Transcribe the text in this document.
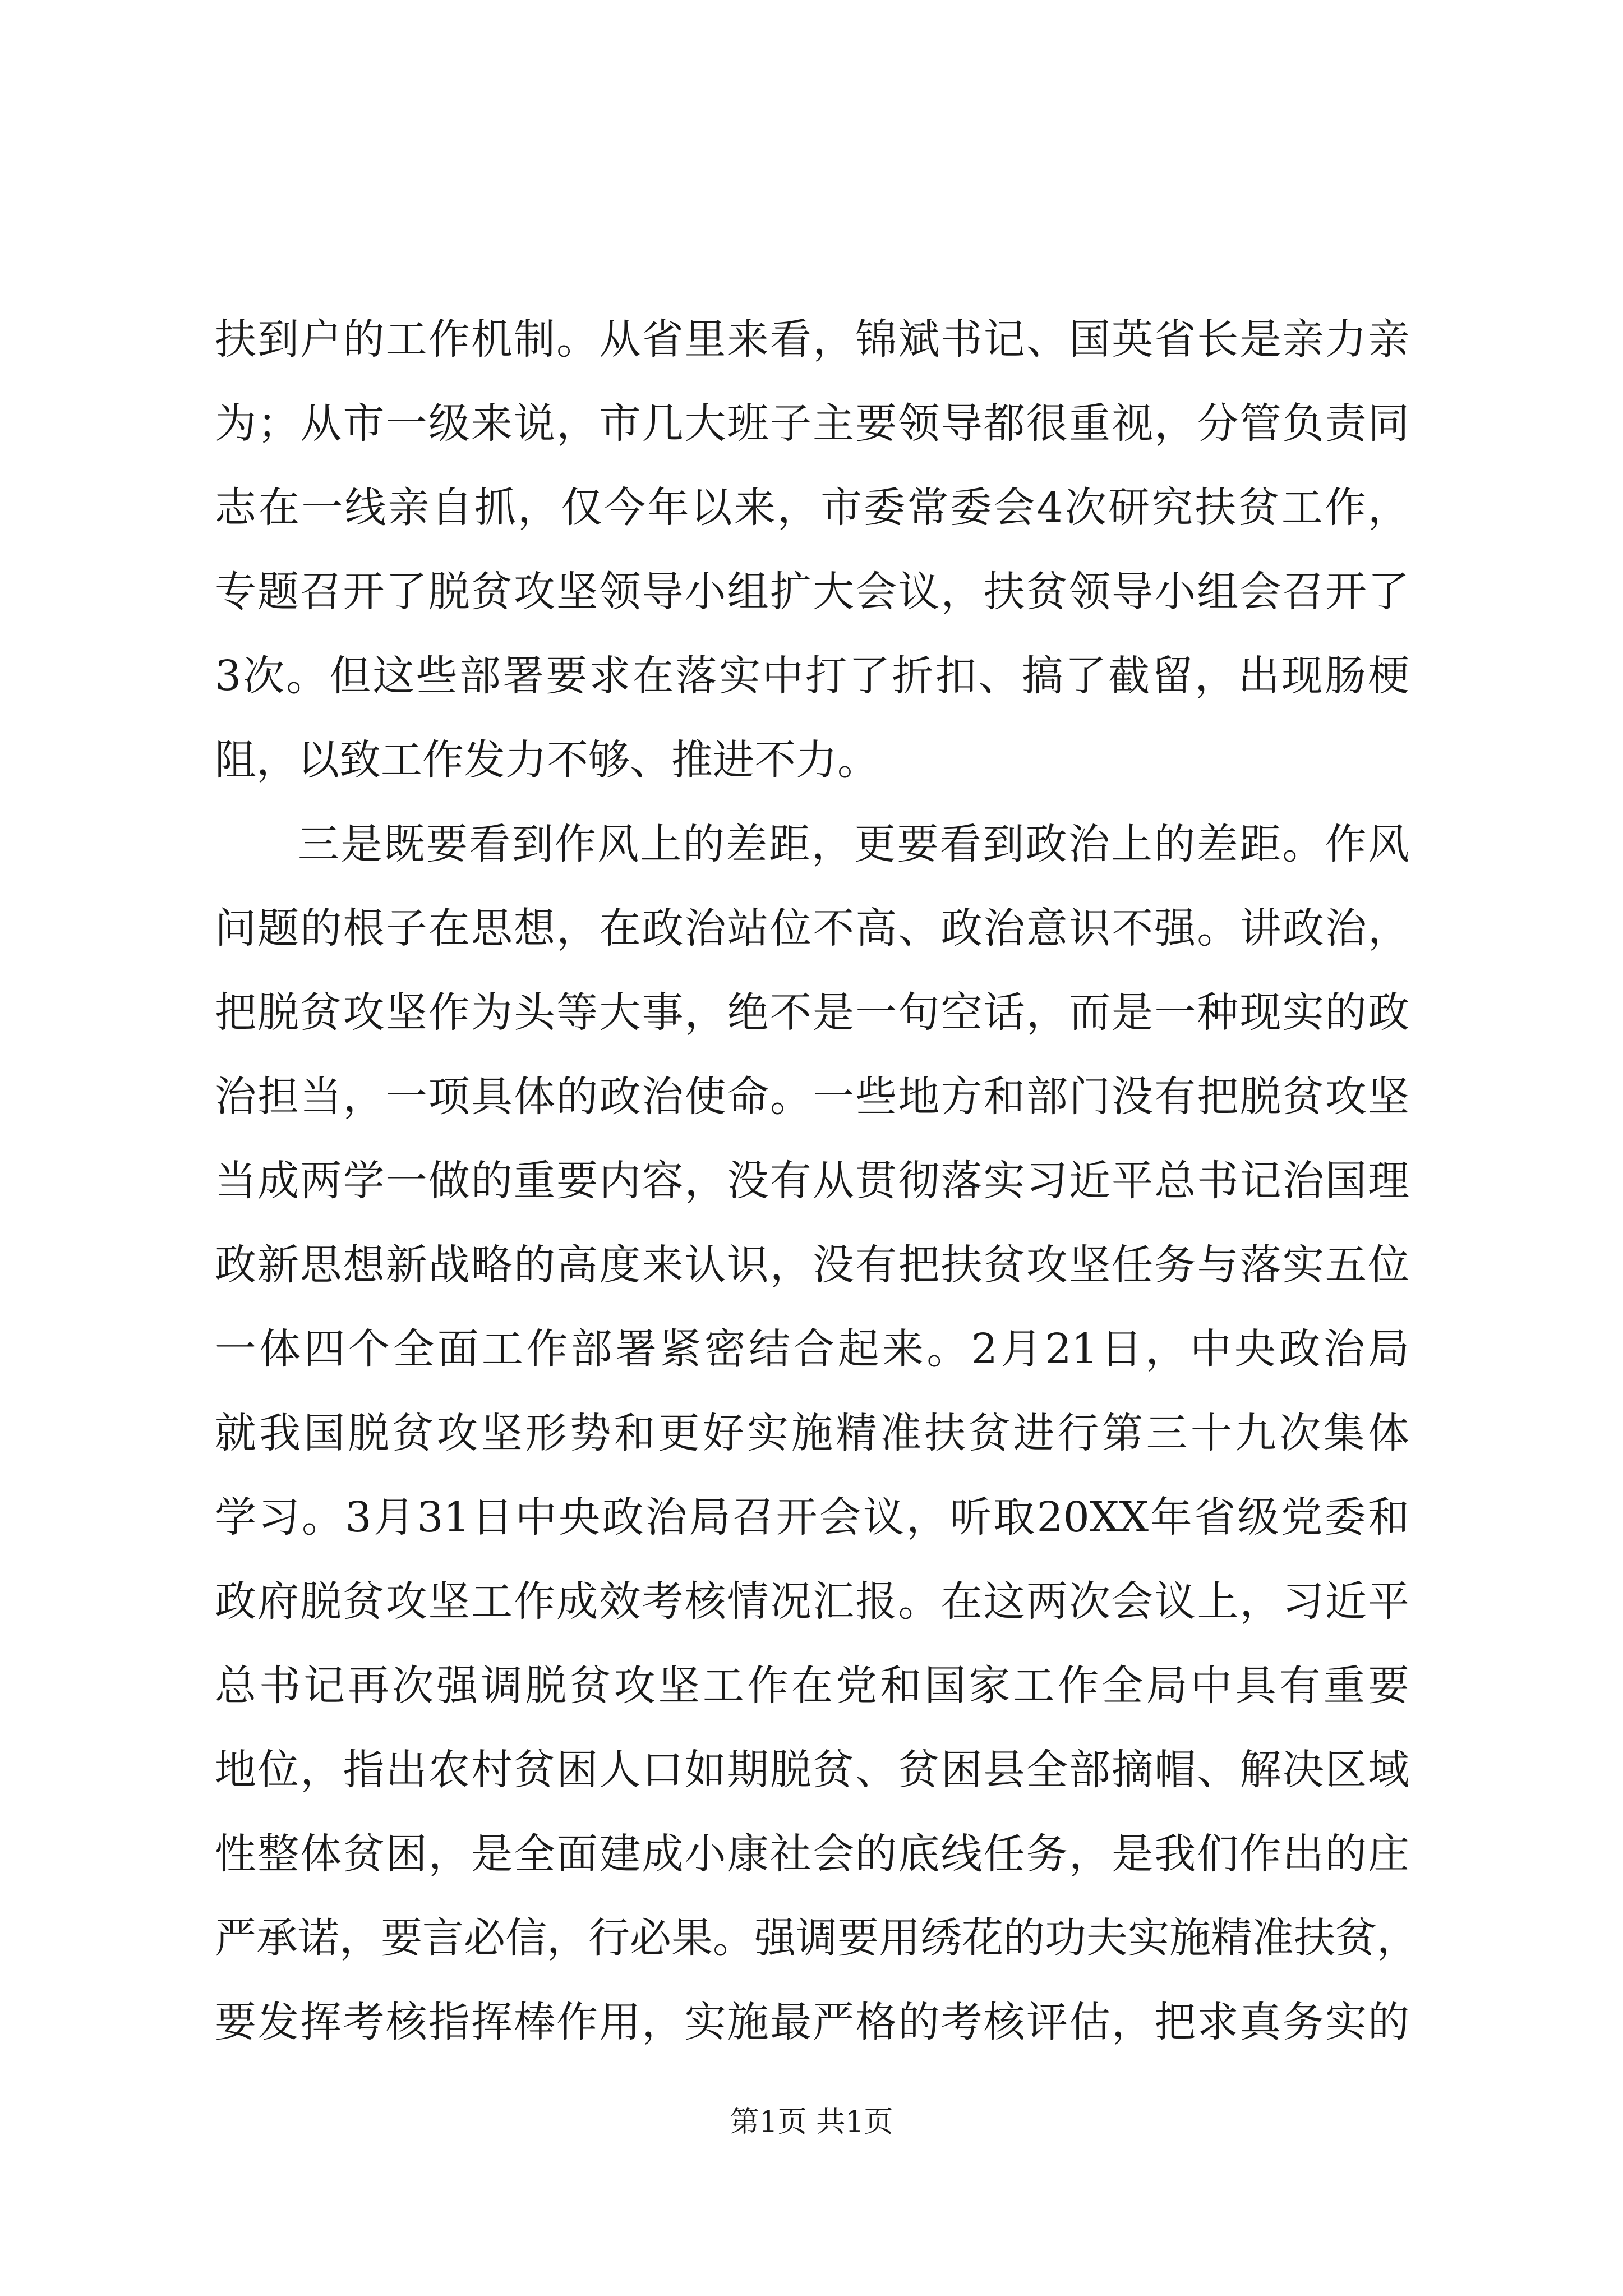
扶到户的工作机制。从省里来看，锦斌书记、国英省长是亲力亲
为；从市一级来说，市几大班子主要领导都很重视，分管负责同
志在一线亲自抓，仅今年以来，市委常委会4次研究扶贫工作，
专题召开了脱贫攻坚领导小组扩大会议，扶贫领导小组会召开了
3次。但这些部署要求在落实中打了折扣、搞了截留，出现肠梗
阻，以致工作发力不够、推进不力。
三是既要看到作风上的差距，更要看到政治上的差距。作风
问题的根子在思想，在政治站位不高、政治意识不强。讲政治，
把脱贫攻坚作为头等大事，绝不是一句空话，而是一种现实的政
治担当，一项具体的政治使命。一些地方和部门没有把脱贫攻坚
当成两学一做的重要内容，没有从贯彻落实习近平总书记治国理
政新思想新战略的高度来认识，没有把扶贫攻坚任务与落实五位
一体四个全面工作部署紧密结合起来。2月21日，中央政治局
就我国脱贫攻坚形势和更好实施精准扶贫进行第三十九次集体
学习。3月31日中央政治局召开会议，听取20XX年省级党委和
政府脱贫攻坚工作成效考核情况汇报。在这两次会议上，习近平
总书记再次强调脱贫攻坚工作在党和国家工作全局中具有重要
地位，指出农村贫困人口如期脱贫、贫困县全部摘帽、解决区域
性整体贫困，是全面建成小康社会的底线任务，是我们作出的庄
严承诺，要言必信，行必果。强调要用绣花的功夫实施精准扶贫，
要发挥考核指挥棒作用，实施最严格的考核评估，把求真务实的
第1页 共1页
